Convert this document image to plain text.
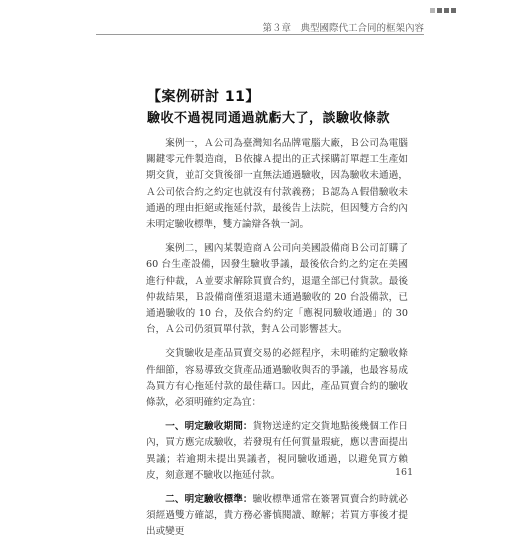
第３章　典型國際代工合同的框架內容
【案例研討 11】
驗收不過視同通過就虧大了，談驗收條款

案例一，Ａ公司為臺灣知名品牌電腦大廠，Ｂ公司為電腦關鍵零元件製造商，Ｂ依據Ａ提出的正式採購訂單趕工生產如期交貨，並訂交貨後卻一直無法通過驗收，因為驗收未通過，Ａ公司依合約之約定也就沒有付款義務；Ｂ認為Ａ假借驗收未通過的理由拒絕或拖延付款，最後告上法院，但因雙方合約內未明定驗收標準，雙方論辯各執一詞。

案例二，國內某製造商Ａ公司向美國設備商Ｂ公司訂購了 60 台生產設備，因發生驗收爭議，最後依合約之約定在美國進行仲裁，Ａ並要求解除買賣合約，退還全部已付貨款。最後仲裁結果，Ｂ設備商僅須退還未通過驗收的 20 台設備款，已通過驗收的 10 台，及依合約約定「應視同驗收通過」的 30 台，Ａ公司仍須買單付款，對Ａ公司影響甚大。

交貨驗收是產品買賣交易的必經程序，未明確約定驗收條件細節，容易導致交貨產品通過驗收與否的爭議，也最容易成為買方有心拖延付款的最佳藉口。因此，產品買賣合約的驗收條款，必須明確約定為宜：

一、明定驗收期間：貨物送達約定交貨地點後幾個工作日內，買方應完成驗收，若發現有任何質量瑕疵，應以書面提出異議；若逾期未提出異議者，視同驗收通過，以避免買方賴皮，刻意遲不驗收以拖延付款。

二、明定驗收標準：驗收標準通常在簽署買賣合約時就必須經過雙方確認，貴方務必審慎閱讀、瞭解；若買方事後才提出或變更

161
